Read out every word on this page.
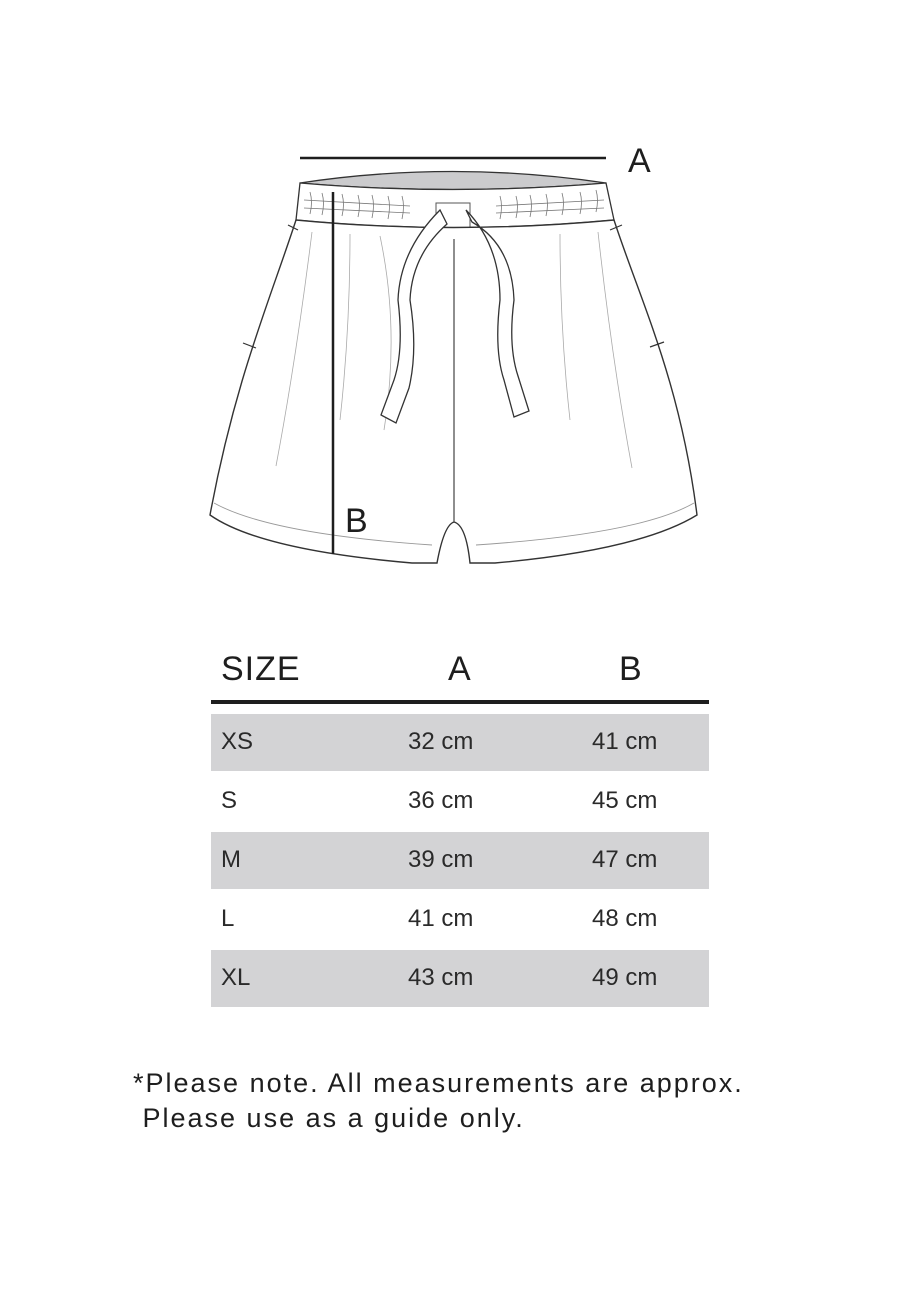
A
B
SIZE	A	B
XS	32 cm	41 cm
S	36 cm	45 cm
M	39 cm	47 cm
L	41 cm	48 cm
XL	43 cm	49 cm
*Please note. All measurements are approx.
Please use as a guide only.
